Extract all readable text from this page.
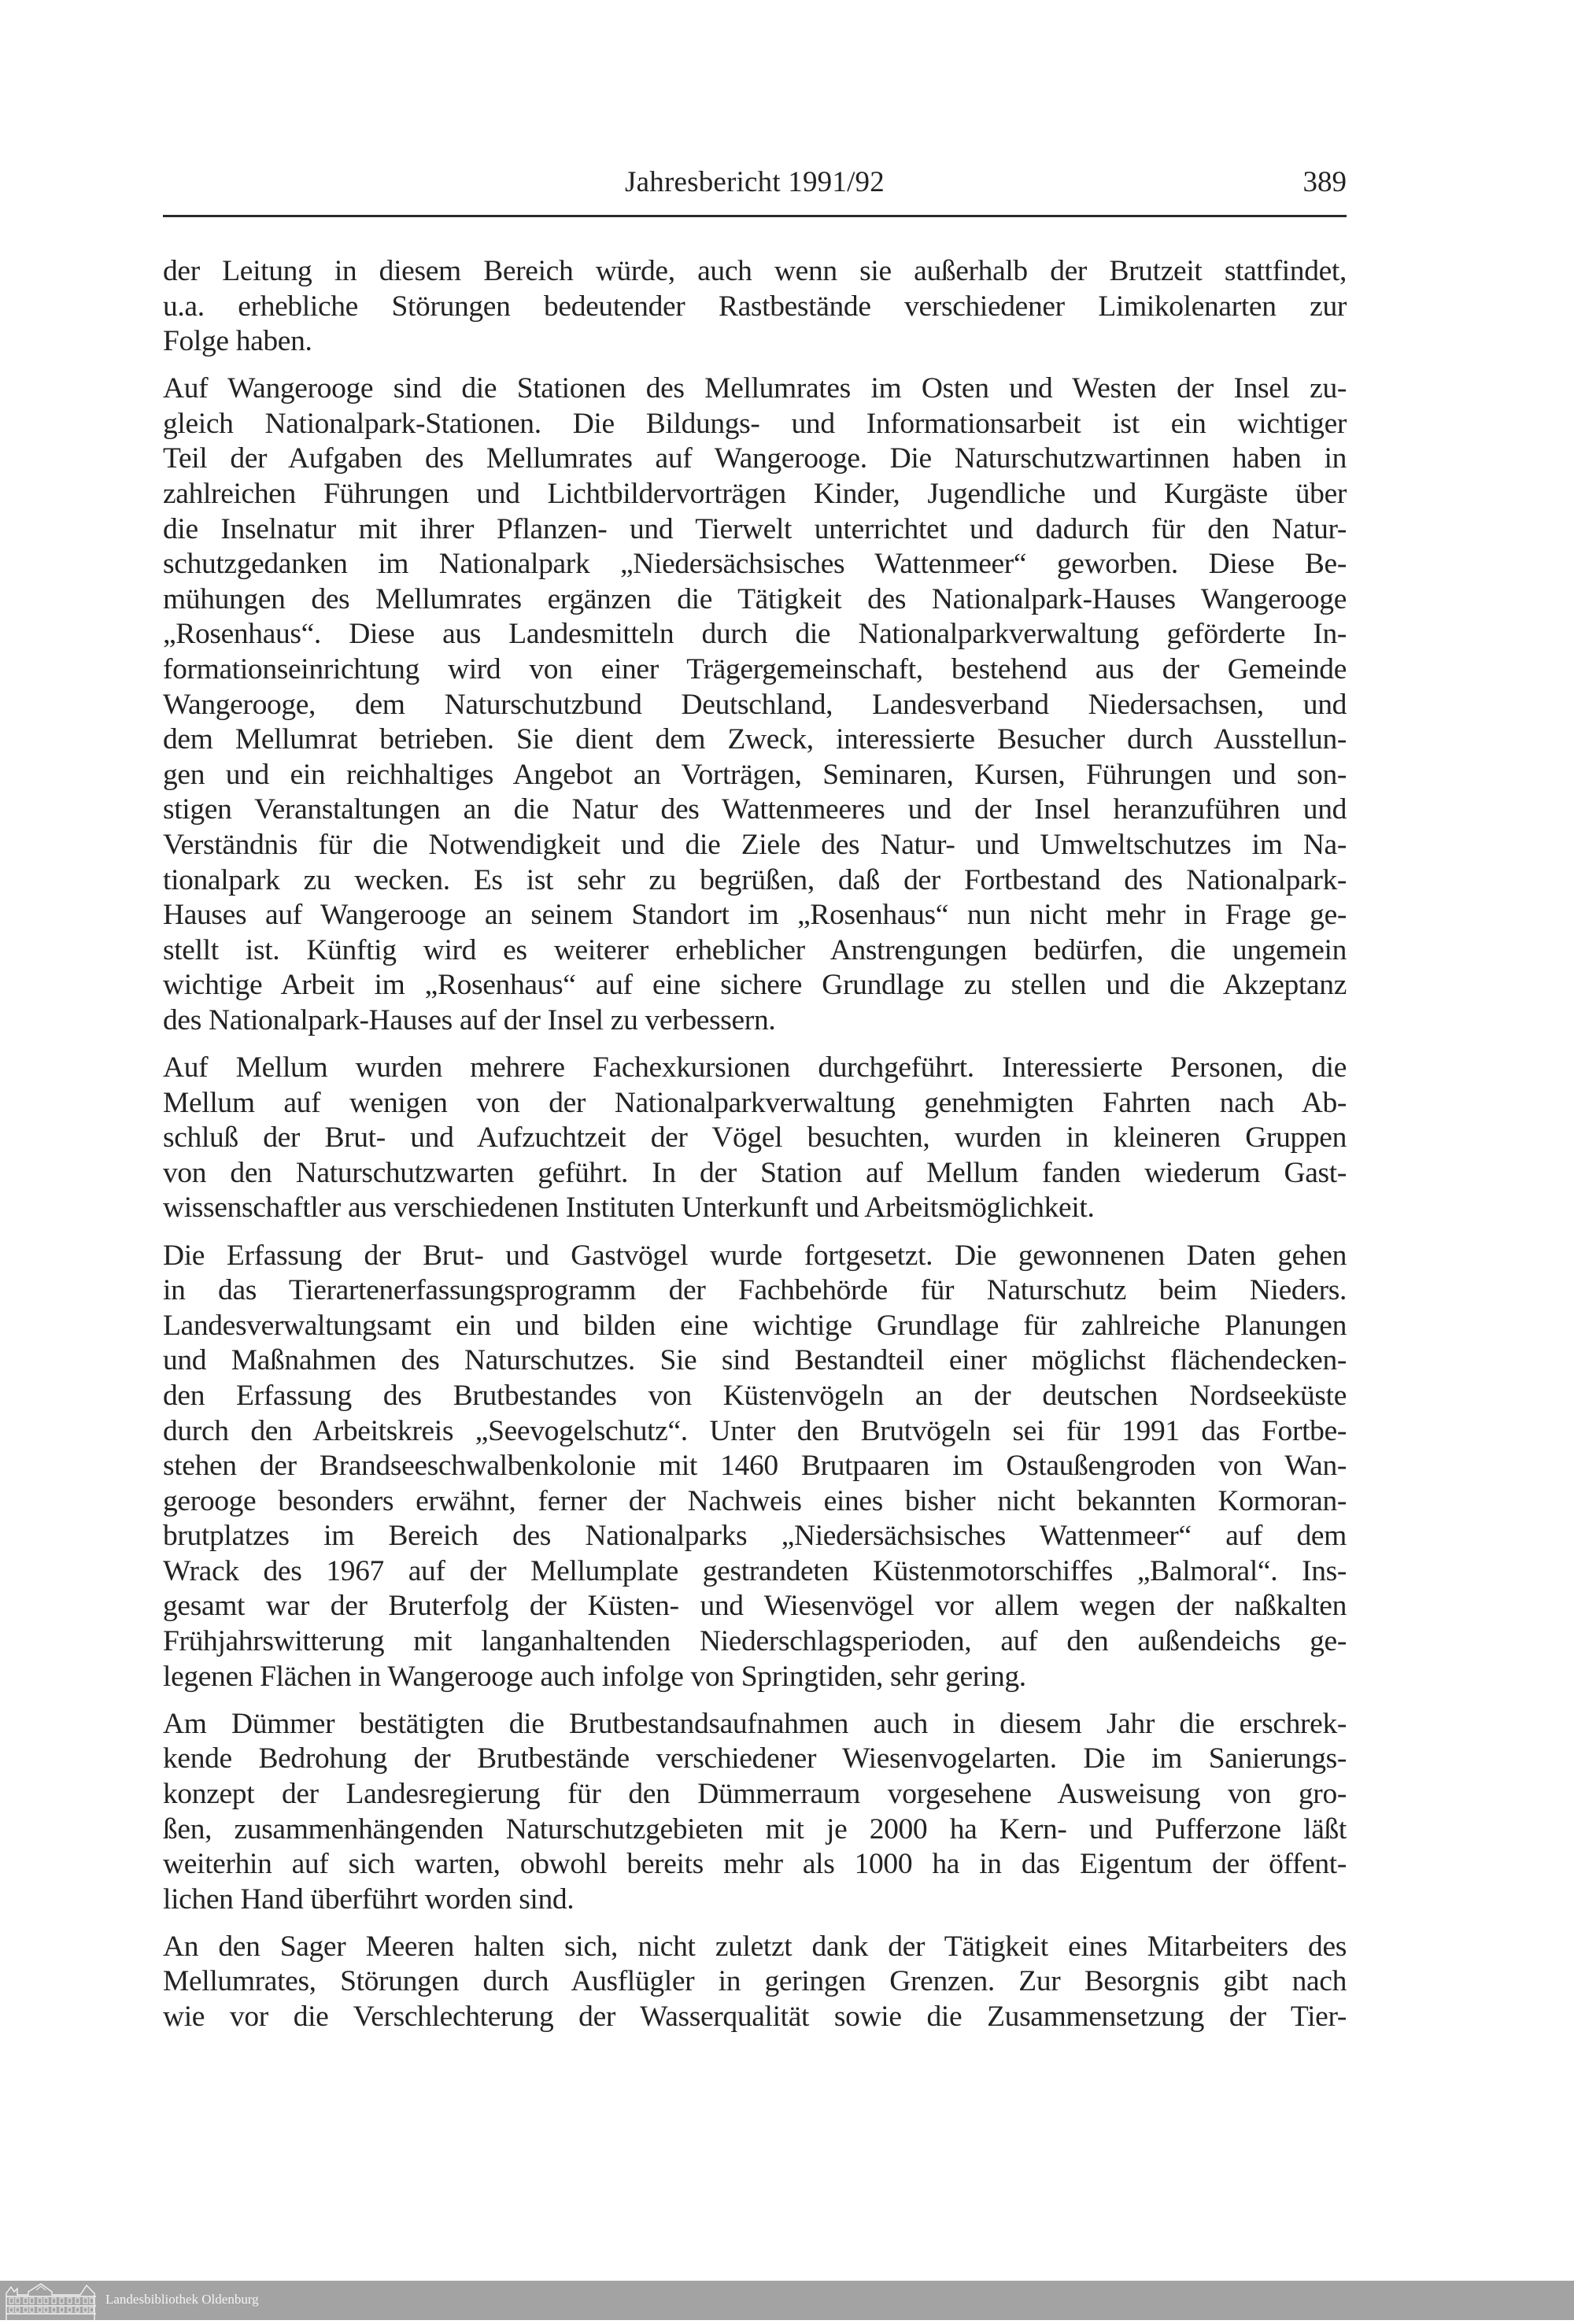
Jahresbericht 1991/92	389
der Leitung in diesem Bereich würde, auch wenn sie außerhalb der Brutzeit stattfindet,
u.a. erhebliche Störungen bedeutender Rastbestände verschiedener Limikolenarten zur
Folge haben.
Auf Wangerooge sind die Stationen des Mellumrates im Osten und Westen der Insel zu-
gleich Nationalpark-Stationen. Die Bildungs- und Informationsarbeit ist ein wichtiger
Teil der Aufgaben des Mellumrates auf Wangerooge. Die Naturschutzwartinnen haben in
zahlreichen Führungen und Lichtbildervorträgen Kinder, Jugendliche und Kurgäste über
die Inselnatur mit ihrer Pflanzen- und Tierwelt unterrichtet und dadurch für den Natur-
schutzgedanken im Nationalpark „Niedersächsisches Wattenmeer“ geworben. Diese Be-
mühungen des Mellumrates ergänzen die Tätigkeit des Nationalpark-Hauses Wangerooge
„Rosenhaus“. Diese aus Landesmitteln durch die Nationalparkverwaltung geförderte In-
formationseinrichtung wird von einer Trägergemeinschaft, bestehend aus der Gemeinde
Wangerooge, dem Naturschutzbund Deutschland, Landesverband Niedersachsen, und
dem Mellumrat betrieben. Sie dient dem Zweck, interessierte Besucher durch Ausstellun-
gen und ein reichhaltiges Angebot an Vorträgen, Seminaren, Kursen, Führungen und son-
stigen Veranstaltungen an die Natur des Wattenmeeres und der Insel heranzuführen und
Verständnis für die Notwendigkeit und die Ziele des Natur- und Umweltschutzes im Na-
tionalpark zu wecken. Es ist sehr zu begrüßen, daß der Fortbestand des Nationalpark-
Hauses auf Wangerooge an seinem Standort im „Rosenhaus“ nun nicht mehr in Frage ge-
stellt ist. Künftig wird es weiterer erheblicher Anstrengungen bedürfen, die ungemein
wichtige Arbeit im „Rosenhaus“ auf eine sichere Grundlage zu stellen und die Akzeptanz
des Nationalpark-Hauses auf der Insel zu verbessern.
Auf Mellum wurden mehrere Fachexkursionen durchgeführt. Interessierte Personen, die
Mellum auf wenigen von der Nationalparkverwaltung genehmigten Fahrten nach Ab-
schluß der Brut- und Aufzuchtzeit der Vögel besuchten, wurden in kleineren Gruppen
von den Naturschutzwarten geführt. In der Station auf Mellum fanden wiederum Gast-
wissenschaftler aus verschiedenen Instituten Unterkunft und Arbeitsmöglichkeit.
Die Erfassung der Brut- und Gastvögel wurde fortgesetzt. Die gewonnenen Daten gehen
in das Tierartenerfassungsprogramm der Fachbehörde für Naturschutz beim Nieders.
Landesverwaltungsamt ein und bilden eine wichtige Grundlage für zahlreiche Planungen
und Maßnahmen des Naturschutzes. Sie sind Bestandteil einer möglichst flächendecken-
den Erfassung des Brutbestandes von Küstenvögeln an der deutschen Nordseeküste
durch den Arbeitskreis „Seevogelschutz“. Unter den Brutvögeln sei für 1991 das Fortbe-
stehen der Brandseeschwalbenkolonie mit 1460 Brutpaaren im Ostaußengroden von Wan-
gerooge besonders erwähnt, ferner der Nachweis eines bisher nicht bekannten Kormoran-
brutplatzes im Bereich des Nationalparks „Niedersächsisches Wattenmeer“ auf dem
Wrack des 1967 auf der Mellumplate gestrandeten Küstenmotorschiffes „Balmoral“. Ins-
gesamt war der Bruterfolg der Küsten- und Wiesenvögel vor allem wegen der naßkalten
Frühjahrswitterung mit langanhaltenden Niederschlagsperioden, auf den außendeichs ge-
legenen Flächen in Wangerooge auch infolge von Springtiden, sehr gering.
Am Dümmer bestätigten die Brutbestandsaufnahmen auch in diesem Jahr die erschrek-
kende Bedrohung der Brutbestände verschiedener Wiesenvogelarten. Die im Sanierungs-
konzept der Landesregierung für den Dümmerraum vorgesehene Ausweisung von gro-
ßen, zusammenhängenden Naturschutzgebieten mit je 2000 ha Kern- und Pufferzone läßt
weiterhin auf sich warten, obwohl bereits mehr als 1000 ha in das Eigentum der öffent-
lichen Hand überführt worden sind.
An den Sager Meeren halten sich, nicht zuletzt dank der Tätigkeit eines Mitarbeiters des
Mellumrates, Störungen durch Ausflügler in geringen Grenzen. Zur Besorgnis gibt nach
wie vor die Verschlechterung der Wasserqualität sowie die Zusammensetzung der Tier-
Landesbibliothek Oldenburg
